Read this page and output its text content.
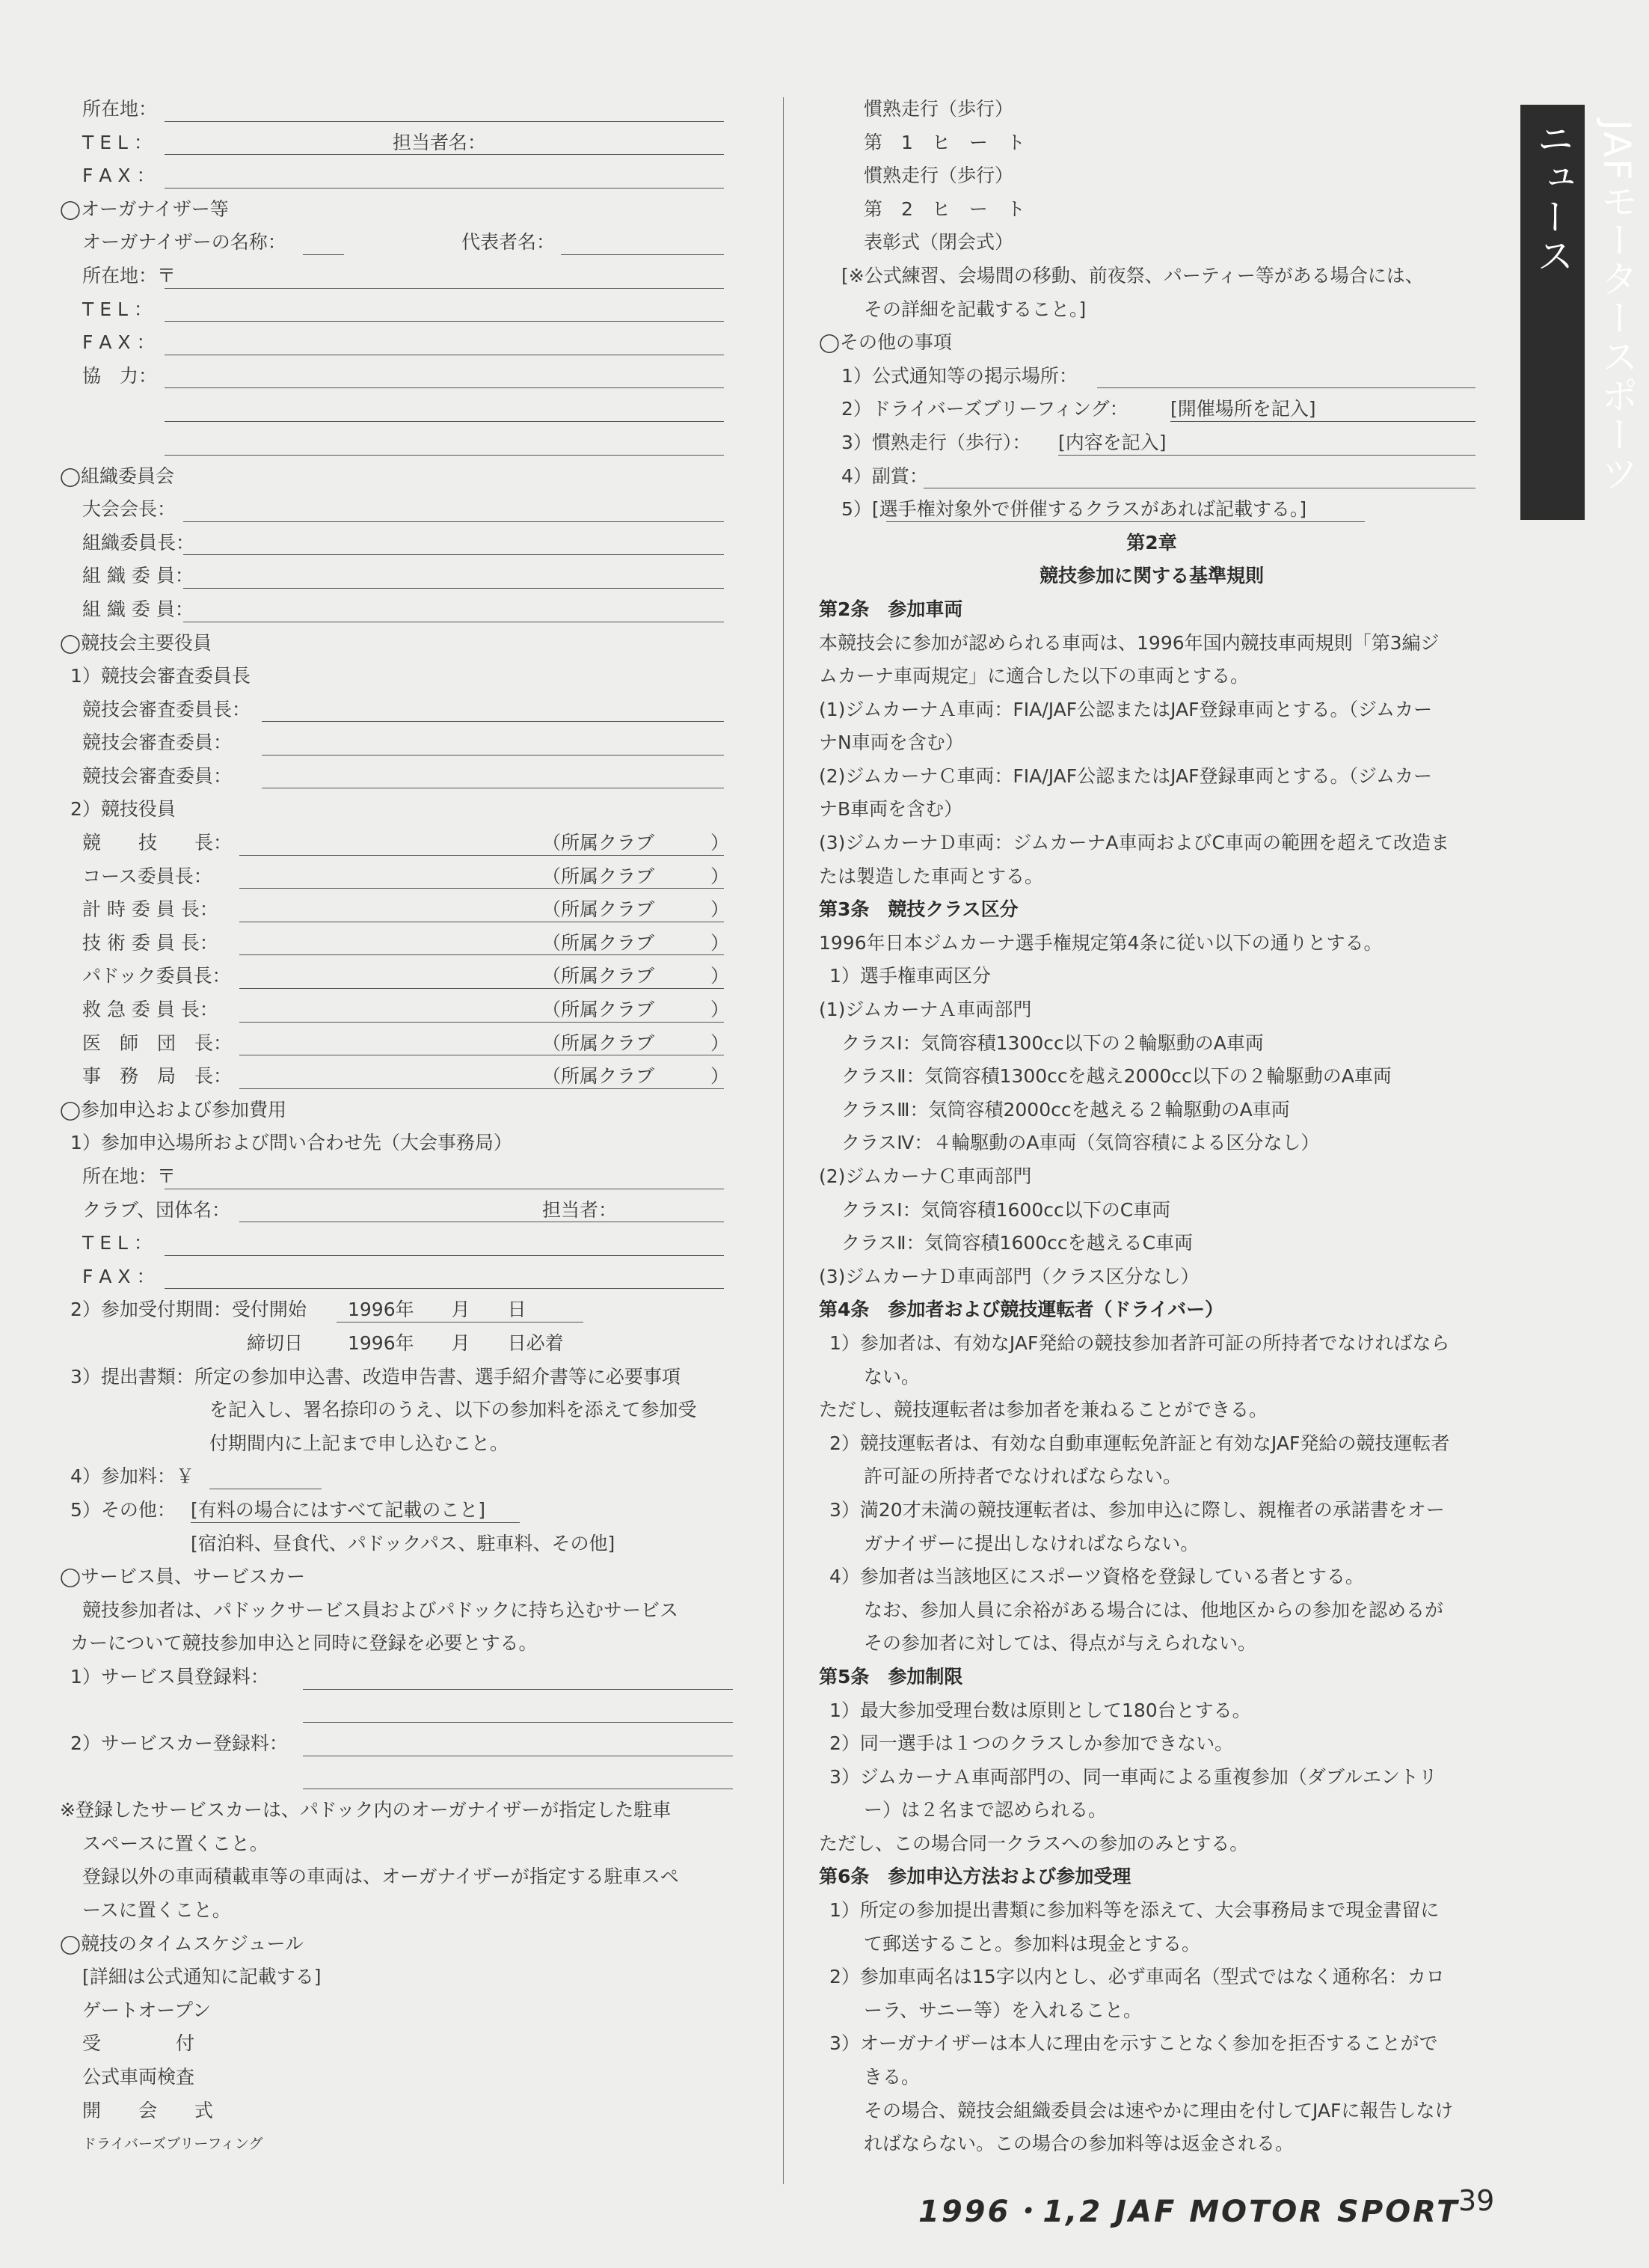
JAFモータースポーツニュース
所在地：
T E L ：	担当者名：
F A X ：
◯オーガナイザー等
オーガナイザーの名称：	代表者名：
所在地：〒
T E L ：
F A X ：
協　力：
◯組織委員会
大会会長：
組織委員長：
組 織 委 員：
組 織 委 員：
◯競技会主要役員
1）競技会審査委員長
競技会審査委員長：
競技会審査委員：
競技会審査委員：
2）競技役員
競　　技　　長：	（所属クラブ	）
コース委員長：	（所属クラブ	）
計 時 委 員 長：	（所属クラブ	）
技 術 委 員 長：	（所属クラブ	）
パドック委員長：	（所属クラブ	）
救 急 委 員 長：	（所属クラブ	）
医　師　団　長：	（所属クラブ	）
事　務　局　長：	（所属クラブ	）
◯参加申込および参加費用
1）参加申込場所および問い合わせ先（大会事務局）
所在地：〒
クラブ、団体名：	担当者：
T E L ：
F A X ：
2）参加受付期間：受付開始 1996年　　月　　日
締切日 1996年　　月　　日必着
3）提出書類：所定の参加申込書、改造申告書、選手紹介書等に必要事項
を記入し、署名捺印のうえ、以下の参加料を添えて参加受
付期間内に上記まで申し込むこと。
4）参加料：￥
5）その他： [有料の場合にはすべて記載のこと]
[宿泊料、昼食代、パドックパス、駐車料、その他]
◯サービス員、サービスカー
競技参加者は、パドックサービス員およびパドックに持ち込むサービス
カーについて競技参加申込と同時に登録を必要とする。
1）サービス員登録料：
2）サービスカー登録料：
※登録したサービスカーは、パドック内のオーガナイザーが指定した駐車
スペースに置くこと。
登録以外の車両積載車等の車両は、オーガナイザーが指定する駐車スペ
ースに置くこと。
◯競技のタイムスケジュール
[詳細は公式通知に記載する]
ゲートオープン
受　　　　付
公式車両検査
開　　会　　式
ドライバーズブリーフィング
慣熟走行（歩行）
第　1　ヒ　ー　ト
慣熟走行（歩行）
第　2　ヒ　ー　ト
表彰式（閉会式）
[※公式練習、会場間の移動、前夜祭、パーティー等がある場合には、
その詳細を記載すること。]
◯その他の事項
1）公式通知等の掲示場所：
2）ドライバーズブリーフィング： [開催場所を記入]
3）慣熟走行（歩行）： [内容を記入]
4）副賞：
5）[選手権対象外で併催するクラスがあれば記載する。]
第2章
競技参加に関する基準規則
第2条　参加車両
本競技会に参加が認められる車両は、1996年国内競技車両規則「第3編ジ
ムカーナ車両規定」に適合した以下の車両とする。
(1)ジムカーナＡ車両：FIA/JAF公認またはJAF登録車両とする。（ジムカー
ナN車両を含む）
(2)ジムカーナＣ車両：FIA/JAF公認またはJAF登録車両とする。（ジムカー
ナB車両を含む）
(3)ジムカーナＤ車両：ジムカーナA車両およびC車両の範囲を超えて改造ま
たは製造した車両とする。
第3条　競技クラス区分
1996年日本ジムカーナ選手権規定第4条に従い以下の通りとする。
1）選手権車両区分
(1)ジムカーナＡ車両部門
クラスⅠ：気筒容積1300cc以下の２輪駆動のA車両
クラスⅡ：気筒容積1300ccを越え2000cc以下の２輪駆動のA車両
クラスⅢ：気筒容積2000ccを越える２輪駆動のA車両
クラスⅣ：４輪駆動のA車両（気筒容積による区分なし）
(2)ジムカーナＣ車両部門
クラスⅠ：気筒容積1600cc以下のC車両
クラスⅡ：気筒容積1600ccを越えるC車両
(3)ジムカーナＤ車両部門（クラス区分なし）
第4条　参加者および競技運転者（ドライバー）
1）参加者は、有効なJAF発給の競技参加者許可証の所持者でなければなら
ない。
ただし、競技運転者は参加者を兼ねることができる。
2）競技運転者は、有効な自動車運転免許証と有効なJAF発給の競技運転者
許可証の所持者でなければならない。
3）満20才未満の競技運転者は、参加申込に際し、親権者の承諾書をオー
ガナイザーに提出しなければならない。
4）参加者は当該地区にスポーツ資格を登録している者とする。
なお、参加人員に余裕がある場合には、他地区からの参加を認めるが
その参加者に対しては、得点が与えられない。
第5条　参加制限
1）最大参加受理台数は原則として180台とする。
2）同一選手は１つのクラスしか参加できない。
3）ジムカーナＡ車両部門の、同一車両による重複参加（ダブルエントリ
ー）は２名まで認められる。
ただし、この場合同一クラスへの参加のみとする。
第6条　参加申込方法および参加受理
1）所定の参加提出書類に参加料等を添えて、大会事務局まで現金書留に
て郵送すること。参加料は現金とする。
2）参加車両名は15字以内とし、必ず車両名（型式ではなく通称名：カロ
ーラ、サニー等）を入れること。
3）オーガナイザーは本人に理由を示すことなく参加を拒否することがで
きる。
その場合、競技会組織委員会は速やかに理由を付してJAFに報告しなけ
ればならない。この場合の参加料等は返金される。
1996・1,2 JAF MOTOR SPORT
39
